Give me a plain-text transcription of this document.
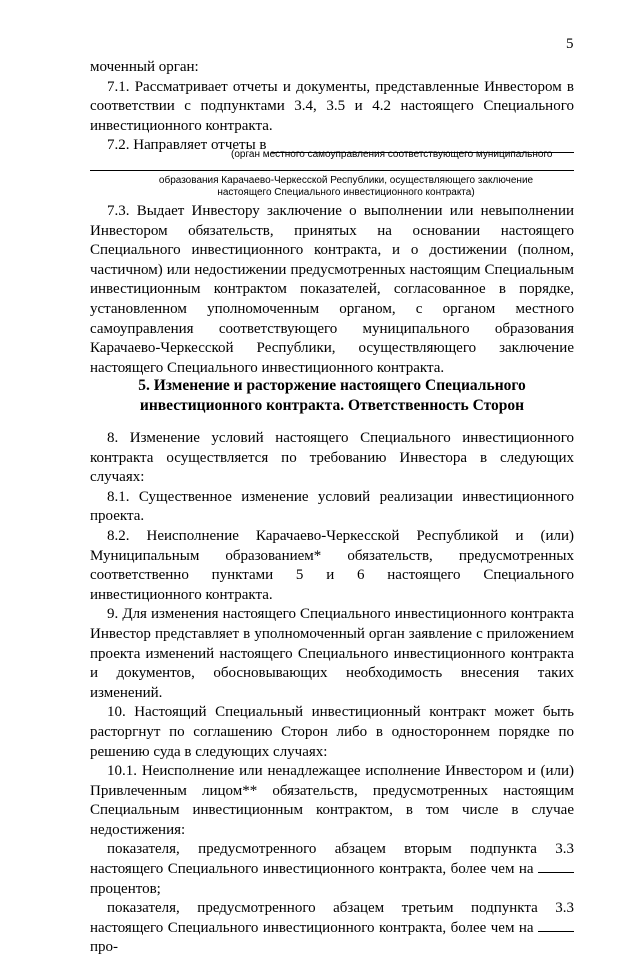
5

моченный орган:

7.1. Рассматривает отчеты и документы, представленные Инвестором в соответствии с подпунктами 3.4, 3.5 и 4.2 настоящего Специального инвестиционного контракта.

7.2. Направляет отчеты в

(орган местного самоуправления соответствующего муниципального
образования Карачаево-Черкесской Республики, осуществляющего заключение
настоящего Специального инвестиционного контракта)

7.3. Выдает Инвестору заключение о выполнении или невыполнении Инвестором обязательств, принятых на основании настоящего Специального инвестиционного контракта, и о достижении (полном, частичном) или недостижении предусмотренных настоящим Специальным инвестиционным контрактом показателей, согласованное в порядке, установленном уполномоченным органом, с органом местного самоуправления соответствующего муниципального образования Карачаево-Черкесской Республики, осуществляющего заключение настоящего Специального инвестиционного контракта.

5. Изменение и расторжение настоящего Специального
инвестиционного контракта. Ответственность Сторон

8. Изменение условий настоящего Специального инвестиционного контракта осуществляется по требованию Инвестора в следующих случаях:

8.1. Существенное изменение условий реализации инвестиционного проекта.

8.2. Неисполнение Карачаево-Черкесской Республикой и (или) Муниципальным образованием* обязательств, предусмотренных соответственно пунктами 5 и 6 настоящего Специального инвестиционного контракта.

9. Для изменения настоящего Специального инвестиционного контракта Инвестор представляет в уполномоченный орган заявление с приложением проекта изменений настоящего Специального инвестиционного контракта и документов, обосновывающих необходимость внесения таких изменений.

10. Настоящий Специальный инвестиционный контракт может быть расторгнут по соглашению Сторон либо в одностороннем порядке по решению суда в следующих случаях:

10.1. Неисполнение или ненадлежащее исполнение Инвестором и (или) Привлеченным лицом** обязательств, предусмотренных настоящим Специальным инвестиционным контрактом, в том числе в случае недостижения:

показателя, предусмотренного абзацем вторым подпункта 3.3 настоящего Специального инвестиционного контракта, более чем на  процентов;

показателя, предусмотренного абзацем третьим подпункта 3.3 настоящего Специального инвестиционного контракта, более чем на  про-
